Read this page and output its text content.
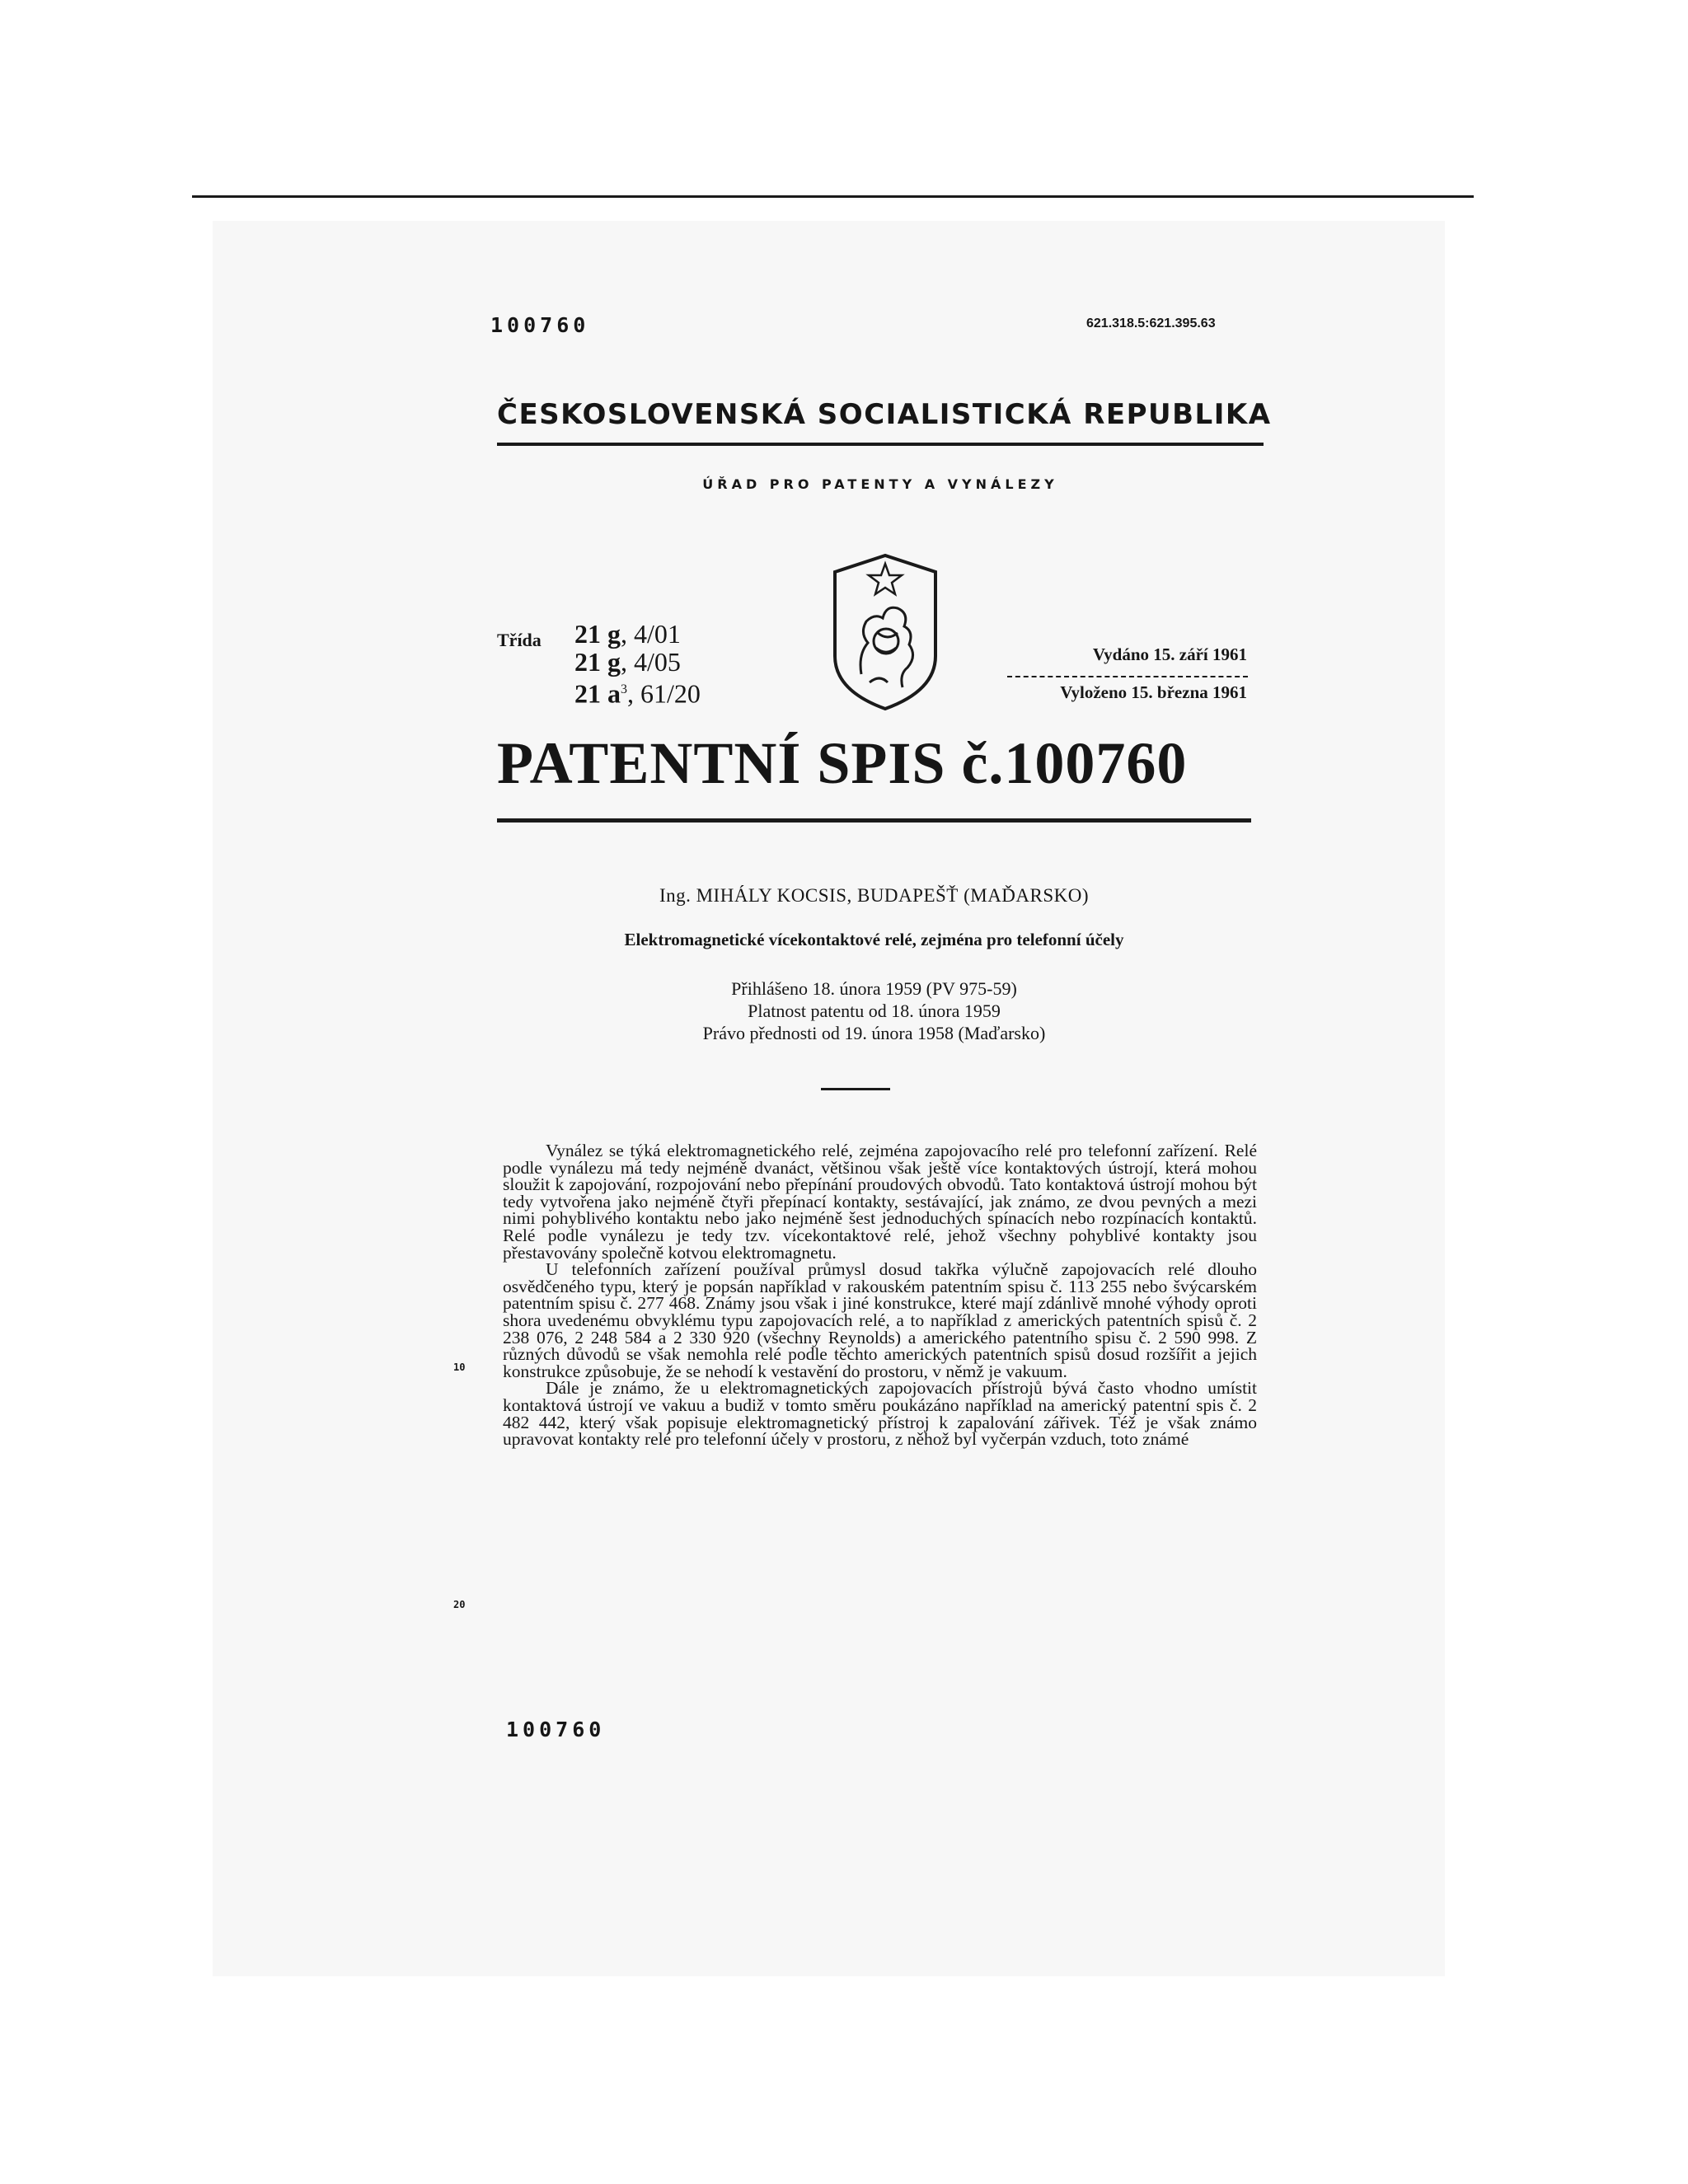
100760	621.318.5:621.395.63
ČESKOSLOVENSKÁ SOCIALISTICKÁ REPUBLIKA
ÚŘAD PRO PATENTY A VYNÁLEZY
Třída 21 g, 4/01
21 g, 4/05
21 $a^3$, 61/20
Vydáno 15. září 1961
Vyloženo 15. března 1961
PATENTNÍ SPIS č.100760
Ing. MIHÁLY KOCSIS, BUDAPEŠŤ (MAĎARSKO)
Elektromagnetické vícekontaktové relé, zejména pro telefonní účely
Přihlášeno 18. února 1959 (PV 975-59)
Platnost patentu od 18. února 1959
Právo přednosti od 19. února 1958 (Maďarsko)

Vynález se týká elektromagnetického relé, zejména zapojovacího relé pro telefonní zařízení. Relé podle vynálezu má tedy nejméně dvanáct, většinou však ještě více kontaktových ústrojí, která mohou sloužit k zapojování, rozpojování nebo přepínání proudových obvodů. Tato kontaktová ústrojí mohou být tedy vytvořena jako nejméně čtyři přepínací kontakty, sestávající, jak známo, ze dvou pevných a mezi nimi pohyblivého kontaktu nebo jako nejméně šest jednoduchých spínacích nebo rozpínacích kontaktů. Relé podle vynálezu je tedy tzv. vícekontaktové relé, jehož všechny pohyblivé kontakty jsou přestavovány společně kotvou elektromagnetu.

U telefonních zařízení používal průmysl dosud takřka výlučně zapojovacích relé dlouho osvědčeného typu, který je popsán například v rakouském patentním spisu č. 113 255 nebo švýcarském patentním spisu č. 277 468. Známy jsou však i jiné konstrukce, které mají zdánlivě mnohé výhody oproti shora uvedenému obvyklému typu zapojovacích relé, a to například z amerických patentních spisů č. 2 238 076, 2 248 584 a 2 330 920 (všechny Reynolds) a amerického patentního spisu č. 2 590 998. Z různých důvodů se však nemohla relé podle těchto amerických patentních spisů dosud rozšířit a jejich konstrukce způsobuje, že se nehodí k vestavění do prostoru, v němž je vakuum.

Dále je známo, že u elektromagnetických zapojovacích přístrojů bývá často vhodno umístit kontaktová ústrojí ve vakuu a budiž v tomto směru poukázáno například na americký patentní spis č. 2 482 442, který však popisuje elektromagnetický přístroj k zapalování zářivek. Též je však známo upravovat kontakty relé pro telefonní účely v prostoru, z něhož byl vyčerpán vzduch, toto známé

10
20
100760
